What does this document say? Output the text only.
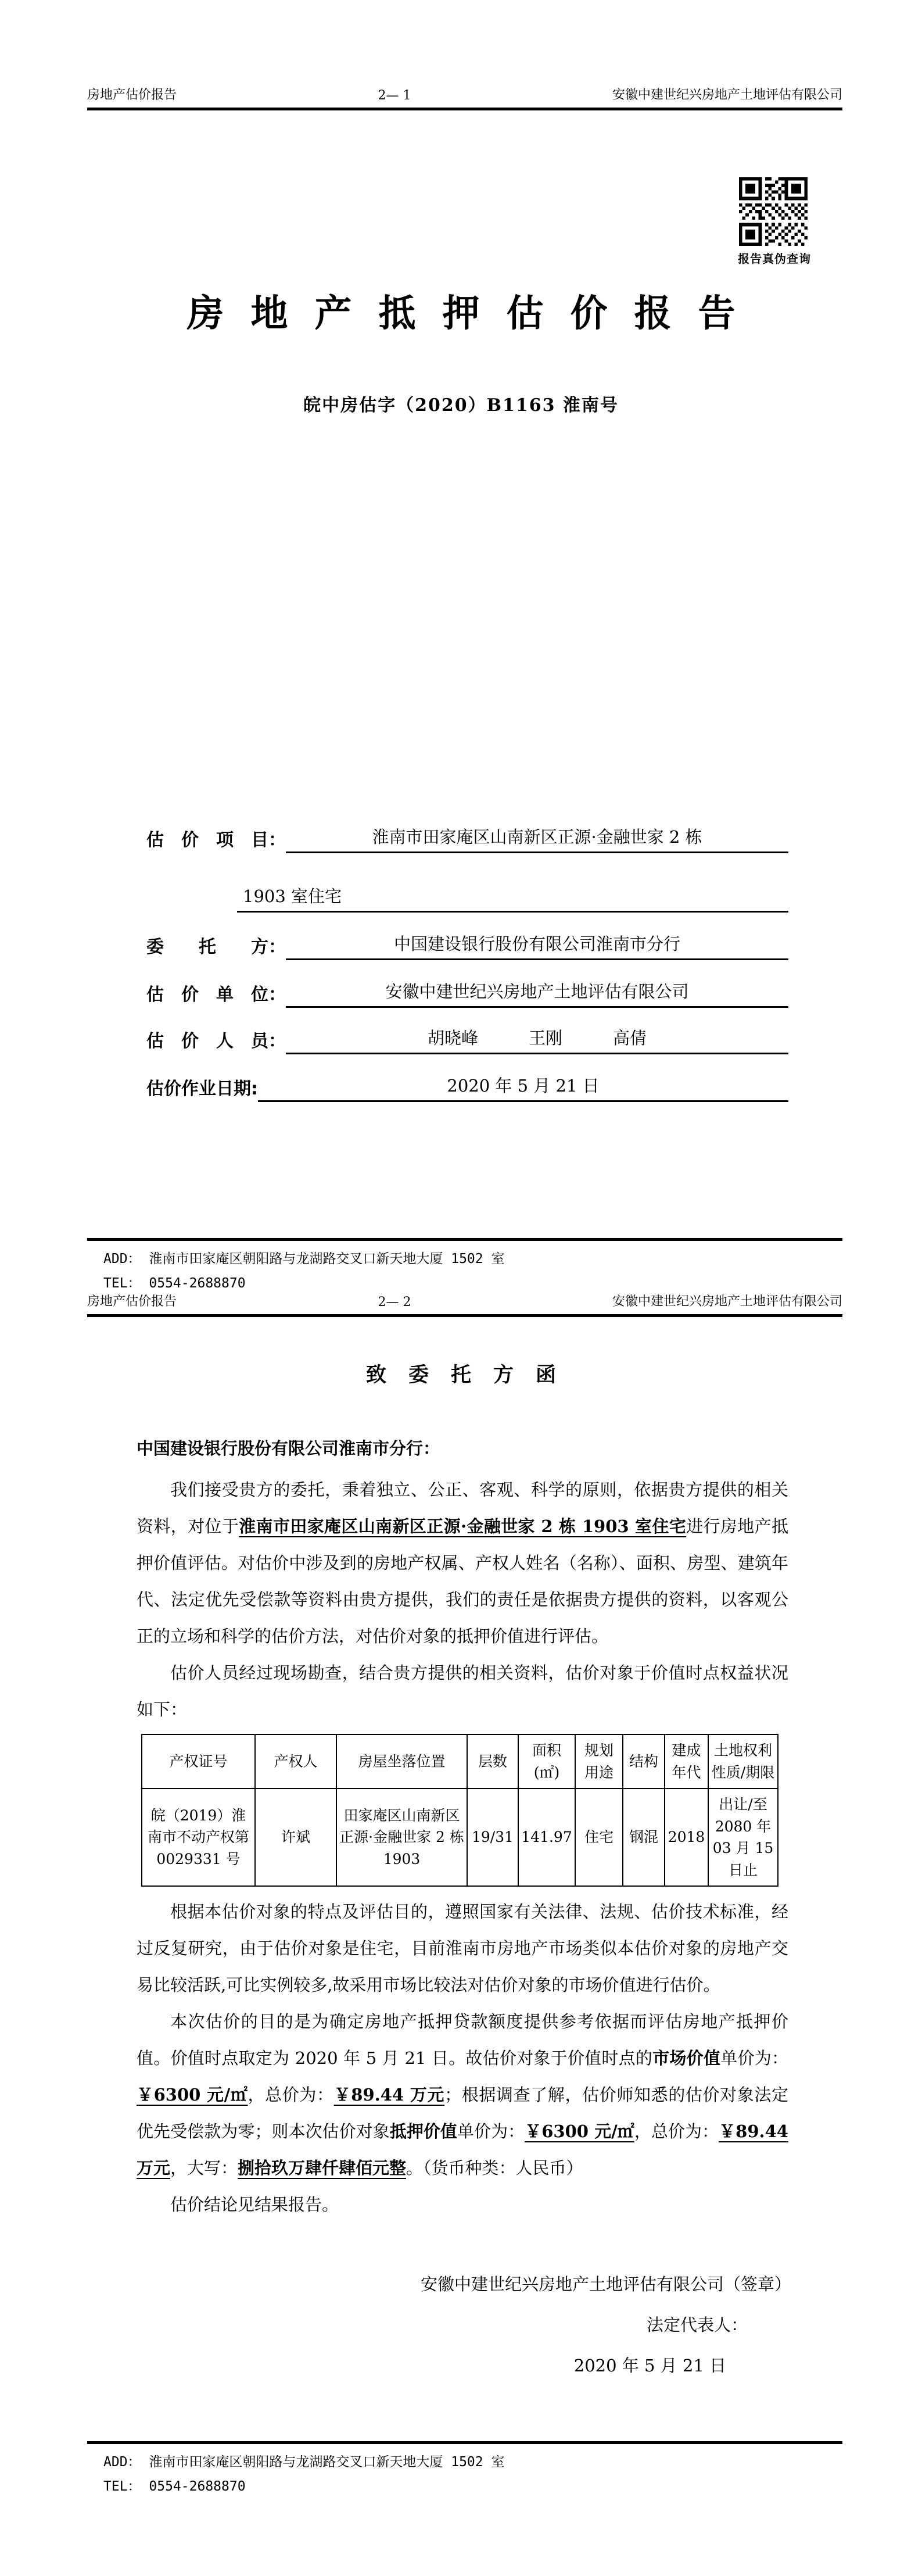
房地产估价报告	2— 1	安徽中建世纪兴房地产土地评估有限公司
报告真伪查询
房地产抵押估价报告
皖中房估字（2020）B1163 淮南号
估　价　项　目：	淮南市田家庵区山南新区正源·金融世家 2 栋
1903 室住宅
委　　托　　方：	中国建设银行股份有限公司淮南市分行
估　价　单　位：	安徽中建世纪兴房地产土地评估有限公司
估　价　人　员：	胡晓峰　　　王刚　　　高倩
估价作业日期:	2020 年 5 月 21 日
ADD： 淮南市田家庵区朝阳路与龙湖路交叉口新天地大厦 1502 室
TEL： 0554-2688870
房地产估价报告	2— 2	安徽中建世纪兴房地产土地评估有限公司
致委托方函
中国建设银行股份有限公司淮南市分行：

我们接受贵方的委托，秉着独立、公正、客观、科学的原则，依据贵方提供的相关资料，对位于淮南市田家庵区山南新区正源·金融世家 2 栋 1903 室住宅进行房地产抵押价值评估。对估价中涉及到的房地产权属、产权人姓名（名称）、面积、房型、建筑年代、法定优先受偿款等资料由贵方提供，我们的责任是依据贵方提供的资料，以客观公正的立场和科学的估价方法，对估价对象的抵押价值进行评估。

估价人员经过现场勘查，结合贵方提供的相关资料，估价对象于价值时点权益状况如下：

产权证号	产权人	房屋坐落位置	层数	面积 (㎡)	规划 用途	结构	建成 年代	土地权利性质/期限
皖（2019）淮南市不动产权第 0029331 号	许斌	田家庵区山南新区正源·金融世家 2 栋 1903	19/31	141.97	住宅	钢混	2018	出让/至 2080 年 03 月 15 日止

根据本估价对象的特点及评估目的，遵照国家有关法律、法规、估价技术标准，经过反复研究，由于估价对象是住宅，目前淮南市房地产市场类似本估价对象的房地产交易比较活跃,可比实例较多,故采用市场比较法对估价对象的市场价值进行估价。

本次估价的目的是为确定房地产抵押贷款额度提供参考依据而评估房地产抵押价值。价值时点取定为 2020 年 5 月 21 日。故估价对象于价值时点的市场价值单价为：￥6300 元/㎡，总价为：￥89.44 万元；根据调查了解，估价师知悉的估价对象法定优先受偿款为零；则本次估价对象抵押价值单价为：￥6300 元/㎡，总价为：￥89.44 万元，大写：捌拾玖万肆仟肆佰元整。（货币种类：人民币）

估价结论见结果报告。

安徽中建世纪兴房地产土地评估有限公司（签章）
法定代表人：
2020 年 5 月 21 日
ADD： 淮南市田家庵区朝阳路与龙湖路交叉口新天地大厦 1502 室
TEL： 0554-2688870
